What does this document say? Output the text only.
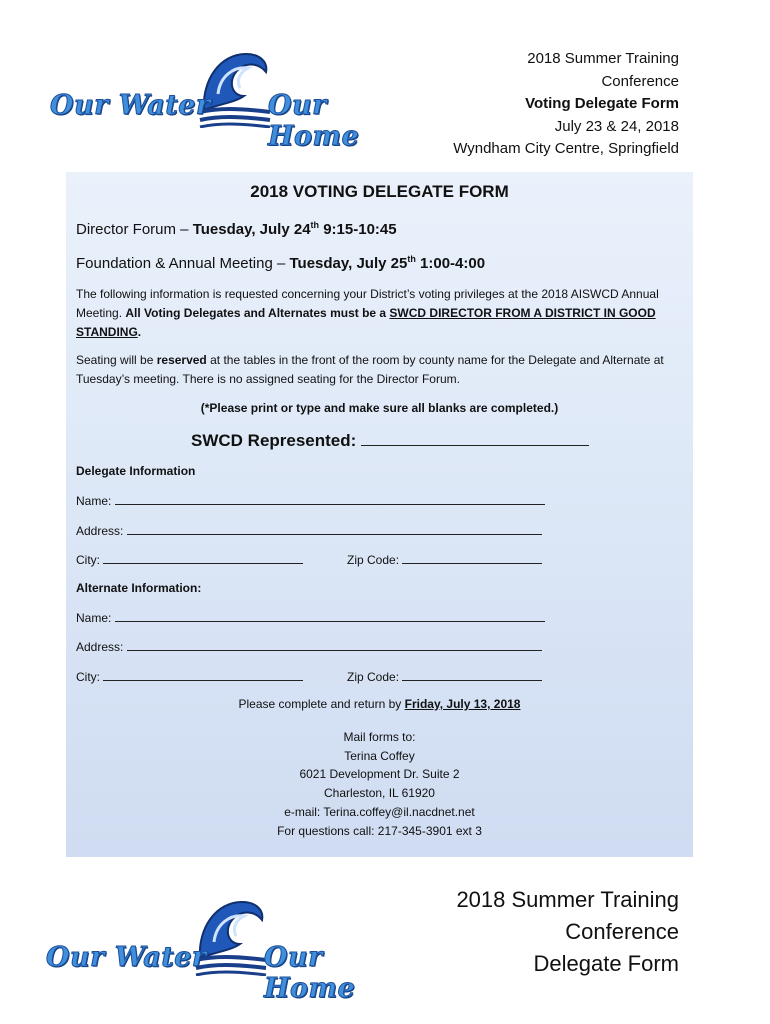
Our Water Our Home
2018 Summer Training
Conference
Voting Delegate Form
July 23 & 24, 2018
Wyndham City Centre, Springfield
2018 VOTING DELEGATE FORM
Director Forum – Tuesday, July 24th 9:15-10:45
Foundation & Annual Meeting – Tuesday, July 25th 1:00-4:00
The following information is requested concerning your District’s voting privileges at the 2018 AISWCD Annual Meeting. All Voting Delegates and Alternates must be a SWCD DIRECTOR FROM A DISTRICT IN GOOD STANDING.
Seating will be reserved at the tables in the front of the room by county name for the Delegate and Alternate at Tuesday’s meeting. There is no assigned seating for the Director Forum.
(*Please print or type and make sure all blanks are completed.)
SWCD Represented:
Delegate Information
Name:
Address:
City:	Zip Code:
Alternate Information:
Name:
Address:
City:	Zip Code:
Please complete and return by Friday, July 13, 2018
Mail forms to:
Terina Coffey
6021 Development Dr. Suite 2
Charleston, IL 61920
e-mail: Terina.coffey@il.nacdnet.net
For questions call: 217-345-3901 ext 3
Our Water Our Home
2018 Summer Training
Conference
Delegate Form
